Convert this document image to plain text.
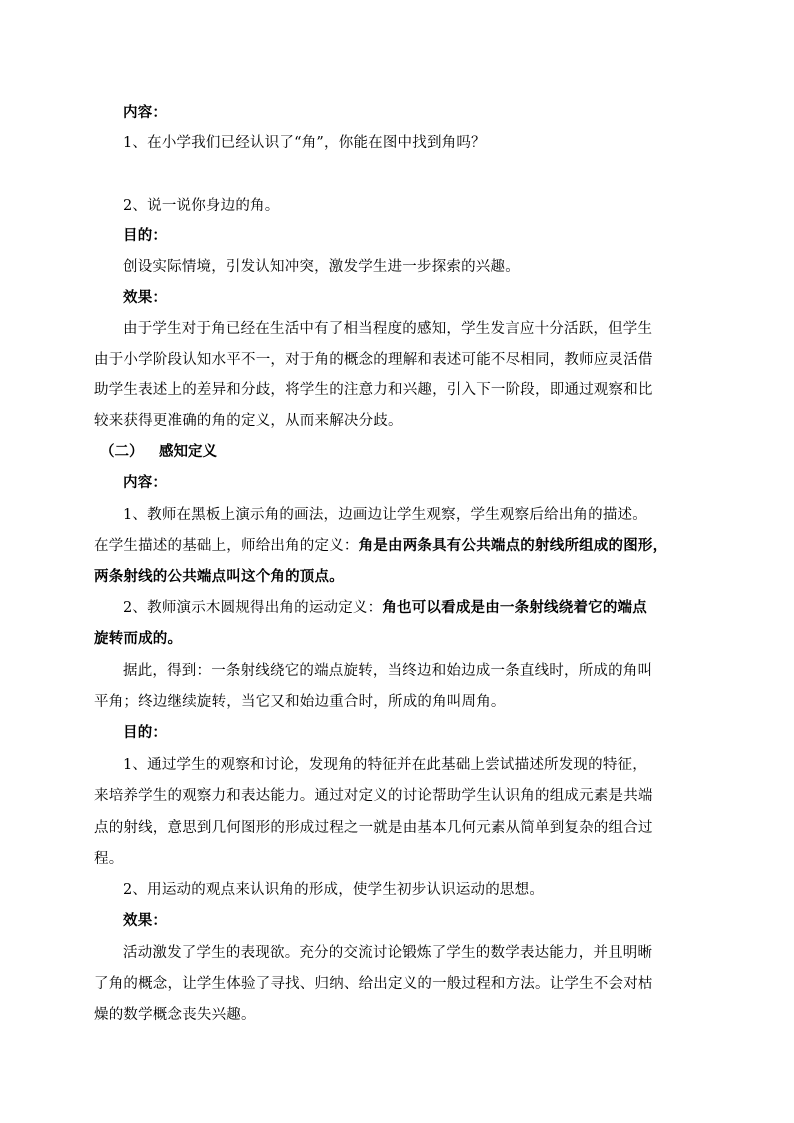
内容：
1、在小学我们已经认识了“角”，你能在图中找到角吗？
2、说一说你身边的角。
目的：
创设实际情境，引发认知冲突，激发学生进一步探索的兴趣。
效果：
由于学生对于角已经在生活中有了相当程度的感知，学生发言应十分活跃，但学生
由于小学阶段认知水平不一，对于角的概念的理解和表述可能不尽相同，教师应灵活借
助学生表述上的差异和分歧，将学生的注意力和兴趣，引入下一阶段，即通过观察和比
较来获得更准确的角的定义，从而来解决分歧。
（二） 感知定义
内容：
1、教师在黑板上演示角的画法，边画边让学生观察，学生观察后给出角的描述。
在学生描述的基础上，师给出角的定义：角是由两条具有公共端点的射线所组成的图形，
两条射线的公共端点叫这个角的顶点。
2、教师演示木圆规得出角的运动定义：角也可以看成是由一条射线绕着它的端点
旋转而成的。
据此，得到：一条射线绕它的端点旋转，当终边和始边成一条直线时，所成的角叫
平角；终边继续旋转，当它又和始边重合时，所成的角叫周角。
目的：
1、通过学生的观察和讨论，发现角的特征并在此基础上尝试描述所发现的特征，
来培养学生的观察力和表达能力。通过对定义的讨论帮助学生认识角的组成元素是共端
点的射线，意思到几何图形的形成过程之一就是由基本几何元素从简单到复杂的组合过
程。
2、用运动的观点来认识角的形成，使学生初步认识运动的思想。
效果：
活动激发了学生的表现欲。充分的交流讨论锻炼了学生的数学表达能力，并且明晰
了角的概念，让学生体验了寻找、归纳、给出定义的一般过程和方法。让学生不会对枯
燥的数学概念丧失兴趣。
